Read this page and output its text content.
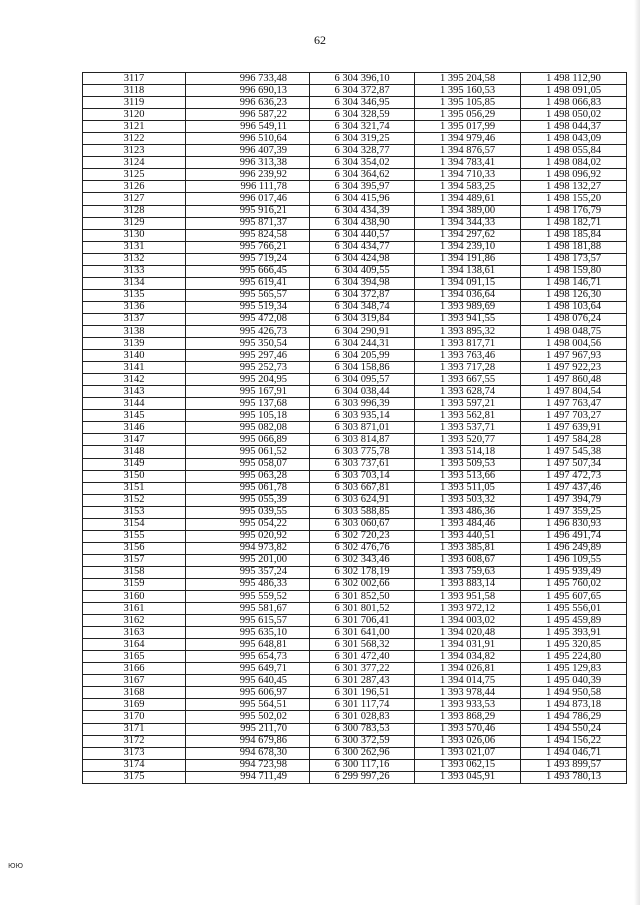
62
3117	996 733,48	6 304 396,10	1 395 204,58	1 498 112,90
3118	996 690,13	6 304 372,87	1 395 160,53	1 498 091,05
3119	996 636,23	6 304 346,95	1 395 105,85	1 498 066,83
3120	996 587,22	6 304 328,59	1 395 056,29	1 498 050,02
3121	996 549,11	6 304 321,74	1 395 017,99	1 498 044,37
3122	996 510,64	6 304 319,25	1 394 979,46	1 498 043,09
3123	996 407,39	6 304 328,77	1 394 876,57	1 498 055,84
3124	996 313,38	6 304 354,02	1 394 783,41	1 498 084,02
3125	996 239,92	6 304 364,62	1 394 710,33	1 498 096,92
3126	996 111,78	6 304 395,97	1 394 583,25	1 498 132,27
3127	996 017,46	6 304 415,96	1 394 489,61	1 498 155,20
3128	995 916,21	6 304 434,39	1 394 389,00	1 498 176,79
3129	995 871,37	6 304 438,90	1 394 344,33	1 498 182,71
3130	995 824,58	6 304 440,57	1 394 297,62	1 498 185,84
3131	995 766,21	6 304 434,77	1 394 239,10	1 498 181,88
3132	995 719,24	6 304 424,98	1 394 191,86	1 498 173,57
3133	995 666,45	6 304 409,55	1 394 138,61	1 498 159,80
3134	995 619,41	6 304 394,98	1 394 091,15	1 498 146,71
3135	995 565,57	6 304 372,87	1 394 036,64	1 498 126,30
3136	995 519,34	6 304 348,74	1 393 989,69	1 498 103,64
3137	995 472,08	6 304 319,84	1 393 941,55	1 498 076,24
3138	995 426,73	6 304 290,91	1 393 895,32	1 498 048,75
3139	995 350,54	6 304 244,31	1 393 817,71	1 498 004,56
3140	995 297,46	6 304 205,99	1 393 763,46	1 497 967,93
3141	995 252,73	6 304 158,86	1 393 717,28	1 497 922,23
3142	995 204,95	6 304 095,57	1 393 667,55	1 497 860,48
3143	995 167,91	6 304 038,44	1 393 628,74	1 497 804,54
3144	995 137,68	6 303 996,39	1 393 597,21	1 497 763,47
3145	995 105,18	6 303 935,14	1 393 562,81	1 497 703,27
3146	995 082,08	6 303 871,01	1 393 537,71	1 497 639,91
3147	995 066,89	6 303 814,87	1 393 520,77	1 497 584,28
3148	995 061,52	6 303 775,78	1 393 514,18	1 497 545,38
3149	995 058,07	6 303 737,61	1 393 509,53	1 497 507,34
3150	995 063,28	6 303 703,14	1 393 513,66	1 497 472,73
3151	995 061,78	6 303 667,81	1 393 511,05	1 497 437,46
3152	995 055,39	6 303 624,91	1 393 503,32	1 497 394,79
3153	995 039,55	6 303 588,85	1 393 486,36	1 497 359,25
3154	995 054,22	6 303 060,67	1 393 484,46	1 496 830,93
3155	995 020,92	6 302 720,23	1 393 440,51	1 496 491,74
3156	994 973,82	6 302 476,76	1 393 385,81	1 496 249,89
3157	995 201,00	6 302 343,46	1 393 608,67	1 496 109,55
3158	995 357,24	6 302 178,19	1 393 759,63	1 495 939,49
3159	995 486,33	6 302 002,66	1 393 883,14	1 495 760,02
3160	995 559,52	6 301 852,50	1 393 951,58	1 495 607,65
3161	995 581,67	6 301 801,52	1 393 972,12	1 495 556,01
3162	995 615,57	6 301 706,41	1 394 003,02	1 495 459,89
3163	995 635,10	6 301 641,00	1 394 020,48	1 495 393,91
3164	995 648,81	6 301 568,32	1 394 031,91	1 495 320,85
3165	995 654,73	6 301 472,40	1 394 034,82	1 495 224,80
3166	995 649,71	6 301 377,22	1 394 026,81	1 495 129,83
3167	995 640,45	6 301 287,43	1 394 014,75	1 495 040,39
3168	995 606,97	6 301 196,51	1 393 978,44	1 494 950,58
3169	995 564,51	6 301 117,74	1 393 933,53	1 494 873,18
3170	995 502,02	6 301 028,83	1 393 868,29	1 494 786,29
3171	995 211,70	6 300 783,53	1 393 570,46	1 494 550,24
3172	994 679,86	6 300 372,59	1 393 026,06	1 494 156,22
3173	994 678,30	6 300 262,96	1 393 021,07	1 494 046,71
3174	994 723,98	6 300 117,16	1 393 062,15	1 493 899,57
3175	994 711,49	6 299 997,26	1 393 045,91	1 493 780,13
ЮЮ
